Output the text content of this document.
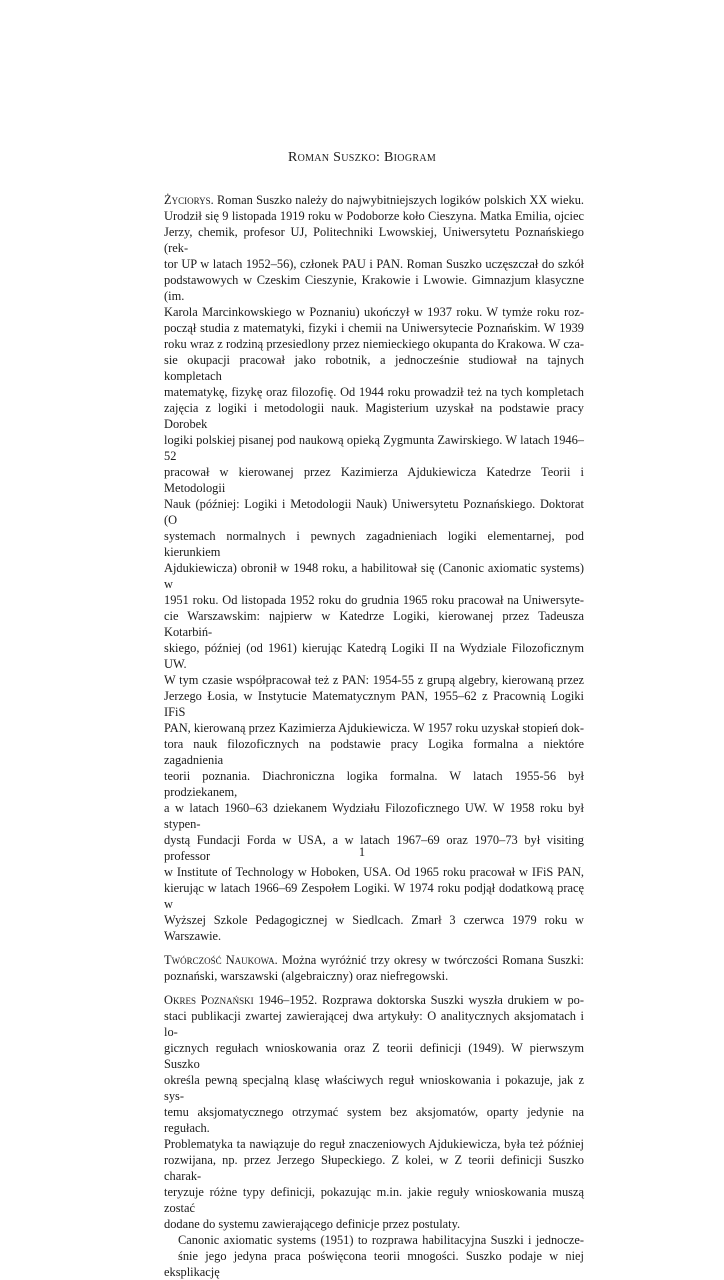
Roman Suszko: Biogram
Życiorys. Roman Suszko należy do najwybitniejszych logików polskich XX wieku.
Urodził się 9 listopada 1919 roku w Podoborze koło Cieszyna. Matka Emilia, ojciec
Jerzy, chemik, profesor UJ, Politechniki Lwowskiej, Uniwersytetu Poznańskiego (rek-
tor UP w latach 1952–56), członek PAU i PAN. Roman Suszko uczęszczał do szkół
podstawowych w Czeskim Cieszynie, Krakowie i Lwowie. Gimnazjum klasyczne (im.
Karola Marcinkowskiego w Poznaniu) ukończył w 1937 roku. W tymże roku roz-
począł studia z matematyki, fizyki i chemii na Uniwersytecie Poznańskim. W 1939
roku wraz z rodziną przesiedlony przez niemieckiego okupanta do Krakowa. W cza-
sie okupacji pracował jako robotnik, a jednocześnie studiował na tajnych kompletach
matematykę, fizykę oraz filozofię. Od 1944 roku prowadził też na tych kompletach
zajęcia z logiki i metodologii nauk. Magisterium uzyskał na podstawie pracy Dorobek
logiki polskiej pisanej pod naukową opieką Zygmunta Zawirskiego. W latach 1946–52
pracował w kierowanej przez Kazimierza Ajdukiewicza Katedrze Teorii i Metodologii
Nauk (później: Logiki i Metodologii Nauk) Uniwersytetu Poznańskiego. Doktorat (O
systemach normalnych i pewnych zagadnieniach logiki elementarnej, pod kierunkiem
Ajdukiewicza) obronił w 1948 roku, a habilitował się (Canonic axiomatic systems) w
1951 roku. Od listopada 1952 roku do grudnia 1965 roku pracował na Uniwersyte-
cie Warszawskim: najpierw w Katedrze Logiki, kierowanej przez Tadeusza Kotarbiń-
skiego, później (od 1961) kierując Katedrą Logiki II na Wydziale Filozoficznym UW.
W tym czasie współpracował też z PAN: 1954-55 z grupą algebry, kierowaną przez
Jerzego Łosia, w Instytucie Matematycznym PAN, 1955–62 z Pracownią Logiki IFiS
PAN, kierowaną przez Kazimierza Ajdukiewicza. W 1957 roku uzyskał stopień dok-
tora nauk filozoficznych na podstawie pracy Logika formalna a niektóre zagadnienia
teorii poznania. Diachroniczna logika formalna. W latach 1955-56 był prodziekanem,
a w latach 1960–63 dziekanem Wydziału Filozoficznego UW. W 1958 roku był stypen-
dystą Fundacji Forda w USA, a w latach 1967–69 oraz 1970–73 był visiting professor
w Institute of Technology w Hoboken, USA. Od 1965 roku pracował w IFiS PAN,
kierując w latach 1966–69 Zespołem Logiki. W 1974 roku podjął dodatkową pracę w
Wyższej Szkole Pedagogicznej w Siedlcach. Zmarł 3 czerwca 1979 roku w Warszawie.
Twórczość Naukowa. Można wyróżnić trzy okresy w twórczości Romana Suszki:
poznański, warszawski (algebraiczny) oraz niefregowski.
Okres Poznański 1946–1952. Rozprawa doktorska Suszki wyszła drukiem w po-
staci publikacji zwartej zawierającej dwa artykuły: O analitycznych aksjomatach i lo-
gicznych regułach wnioskowania oraz Z teorii definicji (1949). W pierwszym Suszko
określa pewną specjalną klasę właściwych reguł wnioskowania i pokazuje, jak z sys-
temu aksjomatycznego otrzymać system bez aksjomatów, oparty jedynie na regułach.
Problematyka ta nawiązuje do reguł znaczeniowych Ajdukiewicza, była też później
rozwijana, np. przez Jerzego Słupeckiego. Z kolei, w Z teorii definicji Suszko charak-
teryzuje różne typy definicji, pokazując m.in. jakie reguły wnioskowania muszą zostać
dodane do systemu zawierającego definicje przez postulaty.
Canonic axiomatic systems (1951) to rozprawa habilitacyjna Suszki i jednocze-
śnie jego jedyna praca poświęcona teorii mnogości. Suszko podaje w niej eksplikację
1
